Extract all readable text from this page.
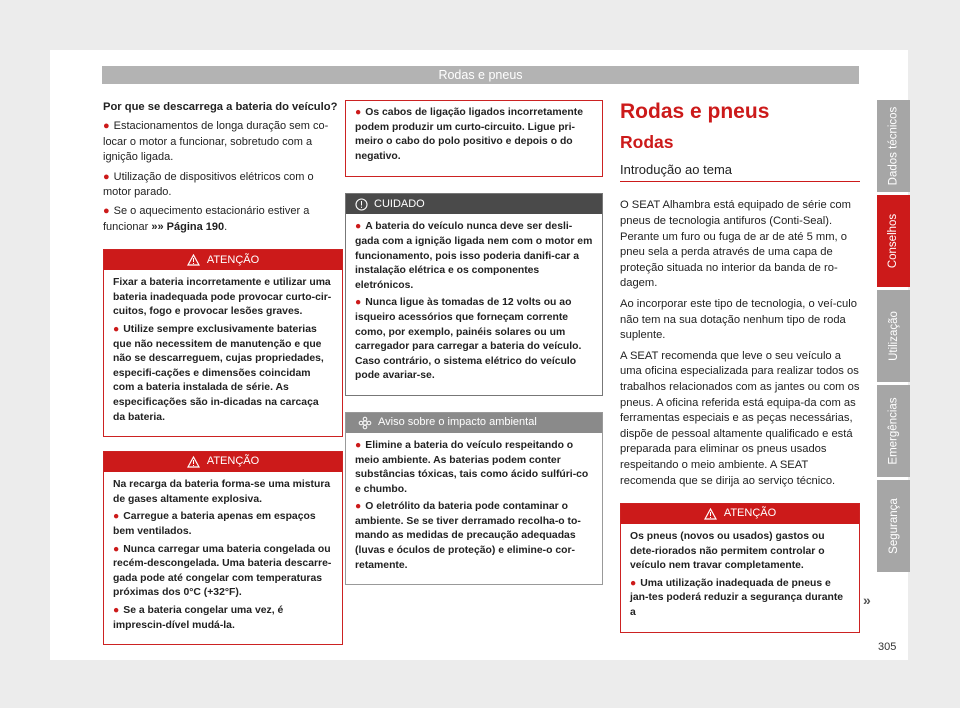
Rodas e pneus

Por que se descarrega a bateria do veículo?

● Estacionamentos de longa duração sem co-locar o motor a funcionar, sobretudo com a ignição ligada.

● Utilização de dispositivos elétricos com o motor parado.

● Se o aquecimento estacionário estiver a funcionar »» Página 190.

ATENÇÃO

Fixar a bateria incorretamente e utilizar uma bateria inadequada pode provocar curto-cir-cuitos, fogo e provocar lesões graves.

● Utilize sempre exclusivamente baterias que não necessitem de manutenção e que não se descarreguem, cujas propriedades, especifi-cações e dimensões coincidam com a bateria instalada de série. As especificações são in-dicadas na carcaça da bateria.

ATENÇÃO

Na recarga da bateria forma-se uma mistura de gases altamente explosiva.

● Carregue a bateria apenas em espaços bem ventilados.

● Nunca carregar uma bateria congelada ou recém-descongelada. Uma bateria descarre-gada pode até congelar com temperaturas próximas dos 0°C (+32°F).

● Se a bateria congelar uma vez, é imprescin-dível mudá-la.

● Os cabos de ligação ligados incorretamente podem produzir um curto-circuito. Ligue pri-meiro o cabo do polo positivo e depois o do negativo.

CUIDADO

● A bateria do veículo nunca deve ser desli-gada com a ignição ligada nem com o motor em funcionamento, pois isso poderia danifi-car a instalação elétrica e os componentes eletrónicos.

● Nunca ligue às tomadas de 12 volts ou ao isqueiro acessórios que forneçam corrente como, por exemplo, painéis solares ou um carregador para carregar a bateria do veículo. Caso contrário, o sistema elétrico do veículo pode avariar-se.

Aviso sobre o impacto ambiental

● Elimine a bateria do veículo respeitando o meio ambiente. As baterias podem conter substâncias tóxicas, tais como ácido sulfúri-co e chumbo.

● O eletrólito da bateria pode contaminar o ambiente. Se se tiver derramado recolha-o to-mando as medidas de precaução adequadas (luvas e óculos de proteção) e elimine-o cor-retamente.

Rodas e pneus
Rodas
Introdução ao tema

O SEAT Alhambra está equipado de série com pneus de tecnologia antifuros (Conti-Seal). Perante um furo ou fuga de ar de até 5 mm, o pneu sela a perda através de uma capa de proteção situada no interior da banda de ro-dagem.

Ao incorporar este tipo de tecnologia, o veí-culo não tem na sua dotação nenhum tipo de roda suplente.

A SEAT recomenda que leve o seu veículo a uma oficina especializada para realizar todos os trabalhos relacionados com as jantes ou com os pneus. A oficina referida está equipa-da com as ferramentas especiais e as peças necessárias, dispõe de pessoal altamente qualificado e está preparada para eliminar os pneus usados respeitando o meio ambiente. A SEAT recomenda que se dirija ao serviço técnico.

ATENÇÃO

Os pneus (novos ou usados) gastos ou dete-riorados não permitem controlar o veículo nem travar completamente.

● Uma utilização inadequada de pneus e jan-tes poderá reduzir a segurança durante a

»
Dados técnicos
Conselhos
Utilização
Emergências
Segurança
305
